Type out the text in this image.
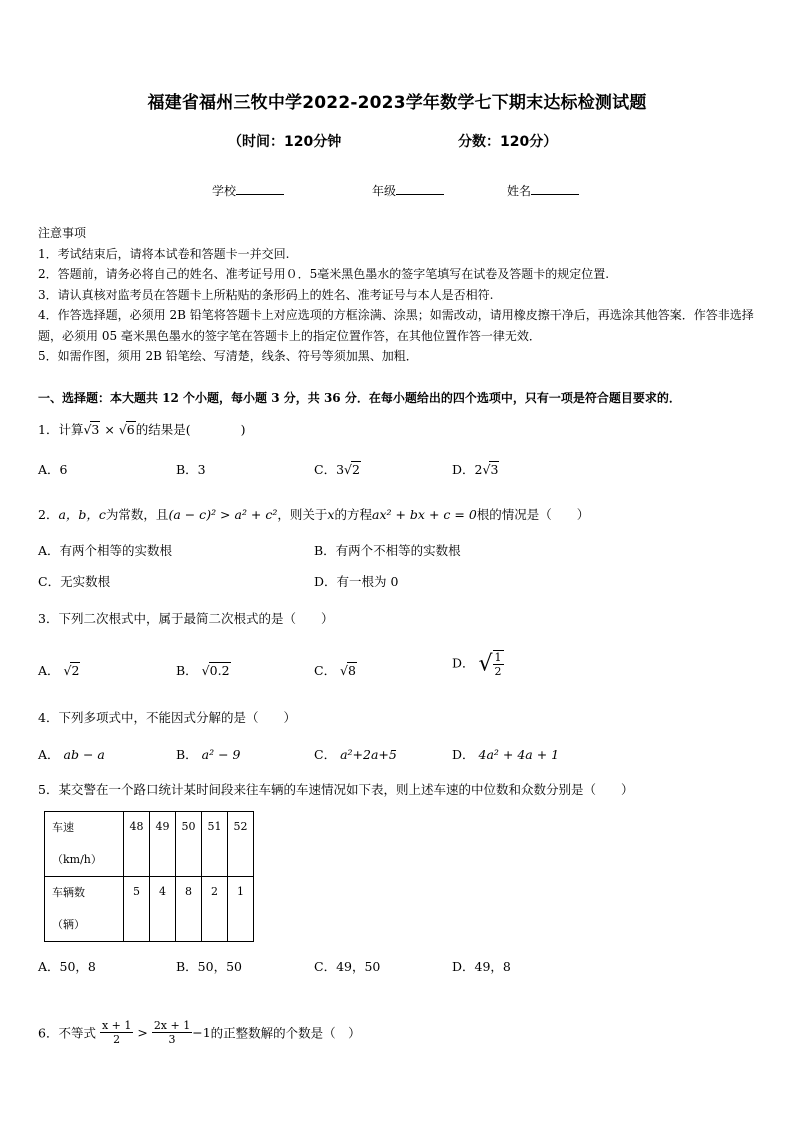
福建省福州三牧中学2022-2023学年数学七下期末达标检测试题
（时间：120分钟	分数：120分）
学校	年级	姓名
注意事项
1．考试结束后，请将本试卷和答题卡一并交回.
2．答题前，请务必将自己的姓名、准考证号用０．5毫米黑色墨水的签字笔填写在试卷及答题卡的规定位置.
3．请认真核对监考员在答题卡上所粘贴的条形码上的姓名、准考证号与本人是否相符.
4．作答选择题，必须用 2B 铅笔将答题卡上对应选项的方框涂满、涂黑；如需改动，请用橡皮擦干净后，再选涂其他答案．作答非选择题，必须用 05 毫米黑色墨水的签字笔在答题卡上的指定位置作答，在其他位置作答一律无效．
5．如需作图，须用 2B 铅笔绘、写清楚，线条、符号等须加黑、加粗．
一、选择题：本大题共 12 个小题，每小题 3 分，共 36 分．在每小题给出的四个选项中，只有一项是符合题目要求的．
1．计算√3 × √6的结果是(　　　　)
A．6	B．3	C．3√2	D．2√3
2．a，b，c为常数，且(a − c)² > a² + c²，则关于x的方程ax² + bx + c = 0根的情况是（　　）
A．有两个相等的实数根	B．有两个不相等的实数根
C．无实数根	D．有一根为 0
3．下列二次根式中，属于最简二次根式的是（　　）
A． √2	B． √0.2	C． √8	D． √ $\frac{1}{2}$
4．下列多项式中，不能因式分解的是（　　）
A． ab − a	B． a² − 9	C． a²+2a+5	D． 4a² + 4a + 1
5．某交警在一个路口统计某时间段来往车辆的车速情况如下表，则上述车速的中位数和众数分别是（　　）
车速
（km/h）	48	49	50	51	52
车辆数
（辆）	5	4	8	2	1
A．50，8	B．50，50	C．49，50	D．49，8
6．不等式 $\frac{x + 1}{2} > \frac{2x + 1}{3} -1$的正整数解的个数是（　）
